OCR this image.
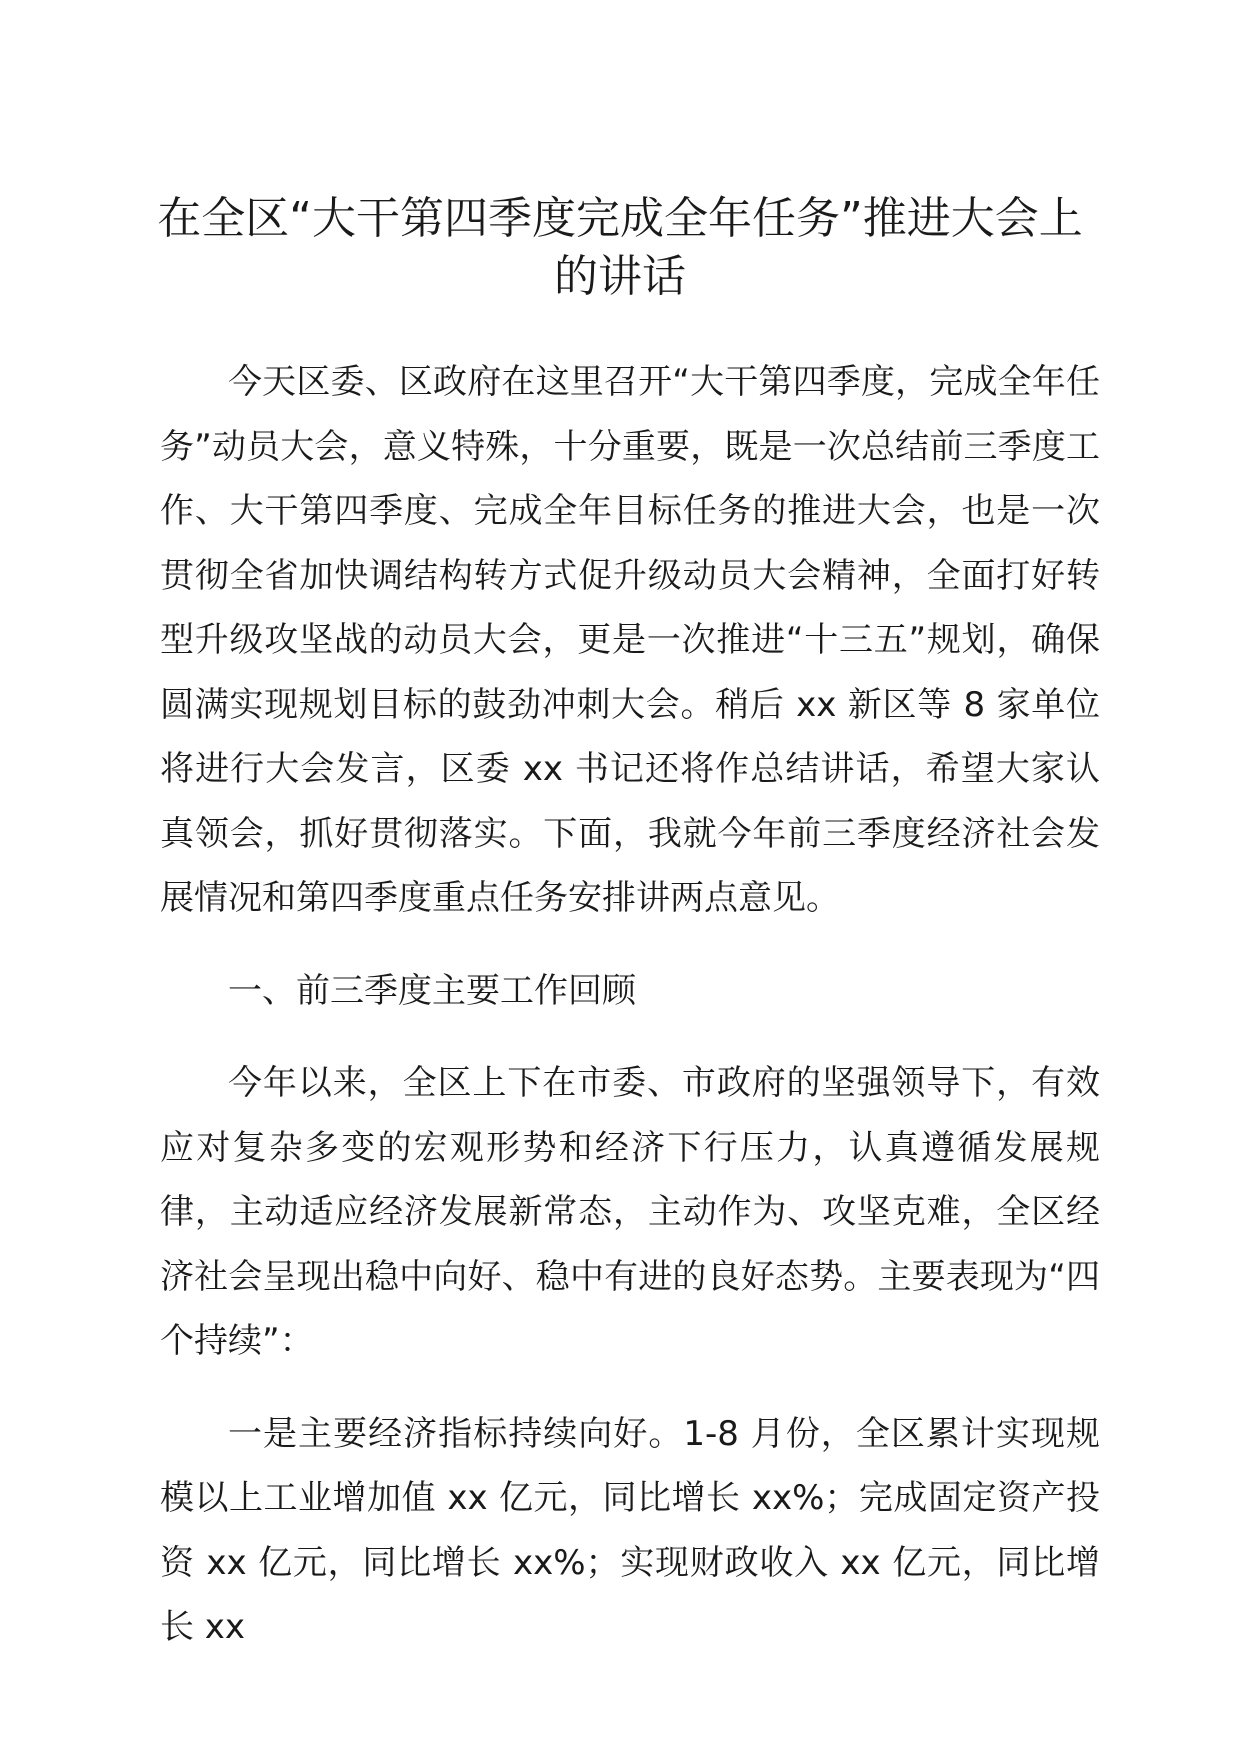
在全区“大干第四季度完成全年任务”推进大会上的讲话

今天区委、区政府在这里召开“大干第四季度，完成全年任务”动员大会，意义特殊，十分重要，既是一次总结前三季度工作、大干第四季度、完成全年目标任务的推进大会，也是一次贯彻全省加快调结构转方式促升级动员大会精神，全面打好转型升级攻坚战的动员大会，更是一次推进“十三五”规划，确保圆满实现规划目标的鼓劲冲刺大会。稍后 xx 新区等 8 家单位将进行大会发言，区委 xx 书记还将作总结讲话，希望大家认真领会，抓好贯彻落实。下面，我就今年前三季度经济社会发展情况和第四季度重点任务安排讲两点意见。

一、前三季度主要工作回顾

今年以来，全区上下在市委、市政府的坚强领导下，有效应对复杂多变的宏观形势和经济下行压力，认真遵循发展规律，主动适应经济发展新常态，主动作为、攻坚克难，全区经济社会呈现出稳中向好、稳中有进的良好态势。主要表现为“四个持续”：

一是主要经济指标持续向好。1-8 月份，全区累计实现规模以上工业增加值 xx 亿元，同比增长 xx%；完成固定资产投资 xx 亿元，同比增长 xx%；实现财政收入 xx 亿元，同比增长 xx
